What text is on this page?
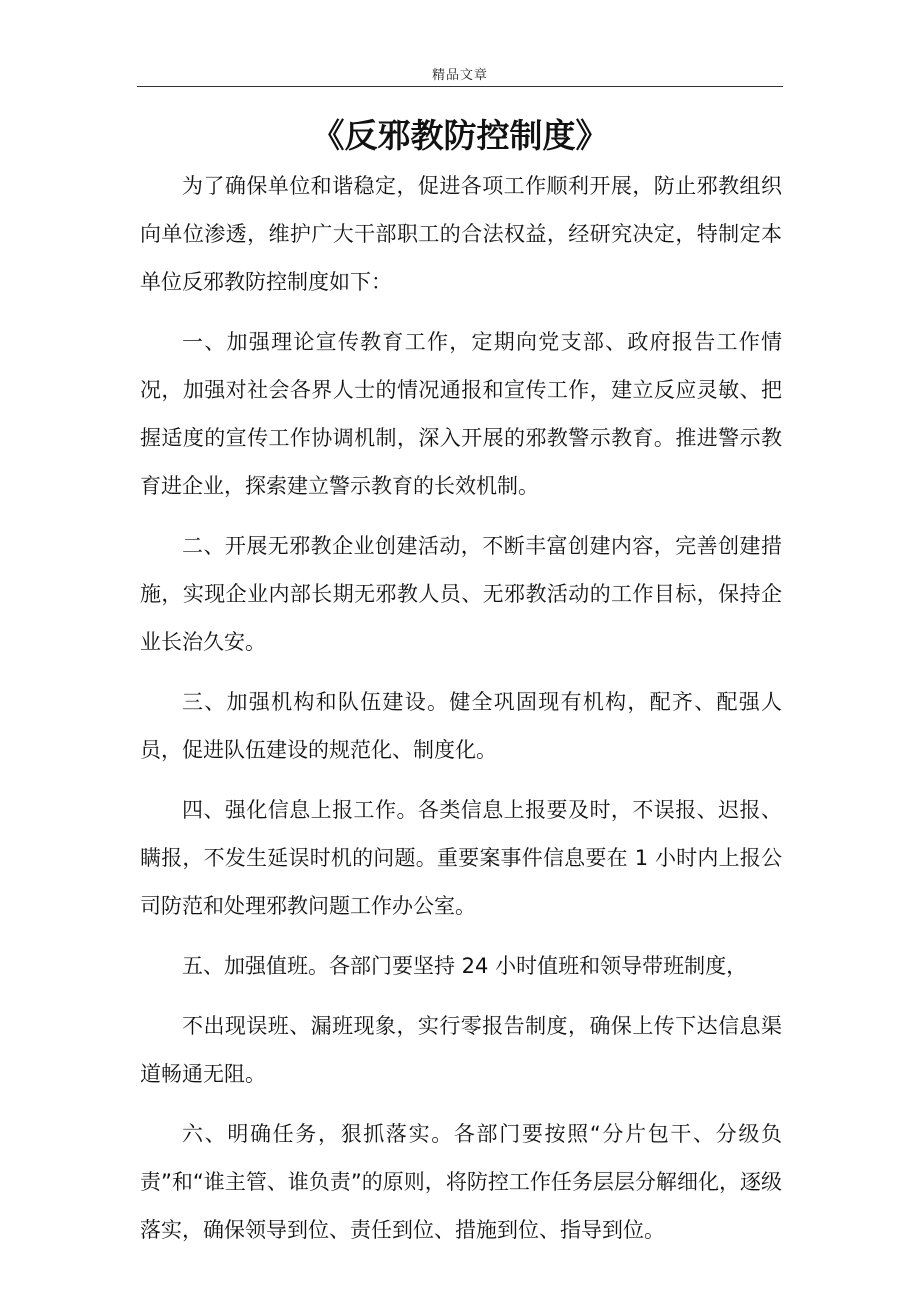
精品文章
《反邪教防控制度》

为了确保单位和谐稳定，促进各项工作顺利开展，防止邪教组织向单位渗透，维护广大干部职工的合法权益，经研究决定，特制定本单位反邪教防控制度如下：

一、加强理论宣传教育工作，定期向党支部、政府报告工作情况，加强对社会各界人士的情况通报和宣传工作，建立反应灵敏、把握适度的宣传工作协调机制，深入开展的邪教警示教育。推进警示教育进企业，探索建立警示教育的长效机制。

二、开展无邪教企业创建活动，不断丰富创建内容，完善创建措施，实现企业内部长期无邪教人员、无邪教活动的工作目标，保持企业长治久安。

三、加强机构和队伍建设。健全巩固现有机构，配齐、配强人员，促进队伍建设的规范化、制度化。

四、强化信息上报工作。各类信息上报要及时，不误报、迟报、瞒报，不发生延误时机的问题。重要案事件信息要在 1 小时内上报公司防范和处理邪教问题工作办公室。

五、加强值班。各部门要坚持 24 小时值班和领导带班制度，

不出现误班、漏班现象，实行零报告制度，确保上传下达信息渠道畅通无阻。

六、明确任务，狠抓落实。各部门要按照“分片包干、分级负责”和“谁主管、谁负责”的原则，将防控工作任务层层分解细化，逐级落实，确保领导到位、责任到位、措施到位、指导到位。
